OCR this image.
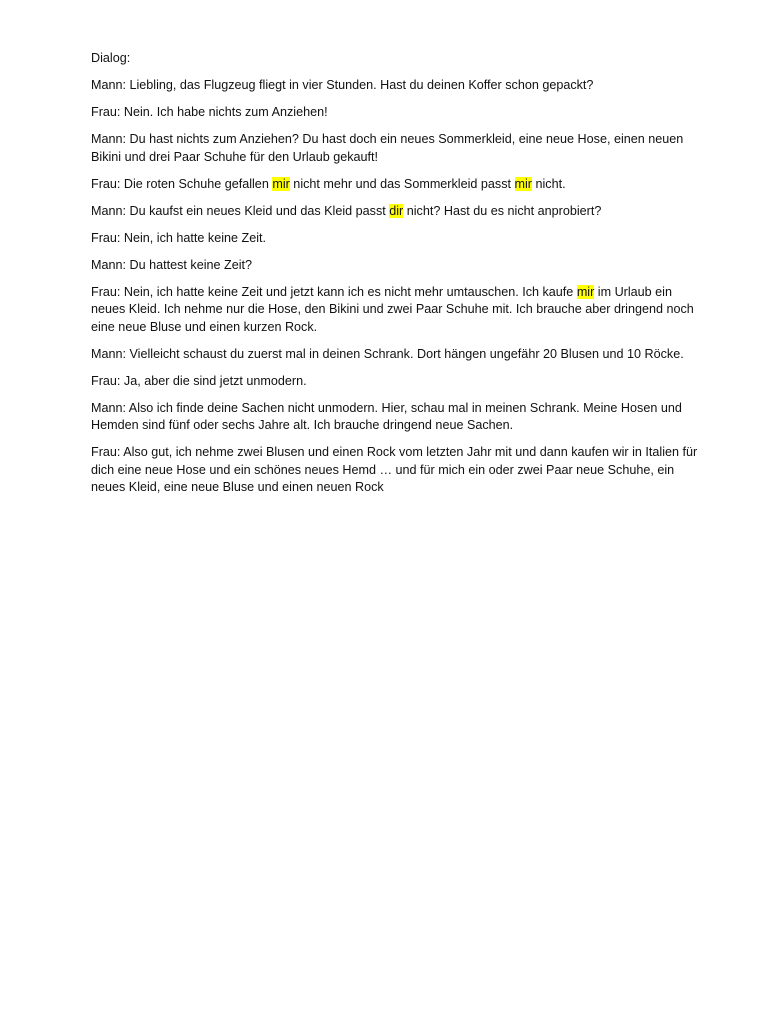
Dialog:

Mann: Liebling, das Flugzeug fliegt in vier Stunden. Hast du deinen Koffer schon gepackt?

Frau: Nein. Ich habe nichts zum Anziehen!

Mann: Du hast nichts zum Anziehen? Du hast doch ein neues Sommerkleid, eine neue Hose, einen neuen Bikini und drei Paar Schuhe für den Urlaub gekauft!

Frau: Die roten Schuhe gefallen mir nicht mehr und das Sommerkleid passt mir nicht.

Mann: Du kaufst ein neues Kleid und das Kleid passt dir nicht? Hast du es nicht anprobiert?

Frau: Nein, ich hatte keine Zeit.

Mann: Du hattest keine Zeit?

Frau: Nein, ich hatte keine Zeit und jetzt kann ich es nicht mehr umtauschen. Ich kaufe mir im Urlaub ein neues Kleid. Ich nehme nur die Hose, den Bikini und zwei Paar Schuhe mit. Ich brauche aber dringend noch eine neue Bluse und einen kurzen Rock.

Mann: Vielleicht schaust du zuerst mal in deinen Schrank. Dort hängen ungefähr 20 Blusen und 10 Röcke.

Frau: Ja, aber die sind jetzt unmodern.

Mann: Also ich finde deine Sachen nicht unmodern. Hier, schau mal in meinen Schrank. Meine Hosen und Hemden sind fünf oder sechs Jahre alt. Ich brauche dringend neue Sachen.

Frau: Also gut, ich nehme zwei Blusen und einen Rock vom letzten Jahr mit und dann kaufen wir in Italien für dich eine neue Hose und ein schönes neues Hemd … und für mich ein oder zwei Paar neue Schuhe, ein neues Kleid, eine neue Bluse und einen neuen Rock
